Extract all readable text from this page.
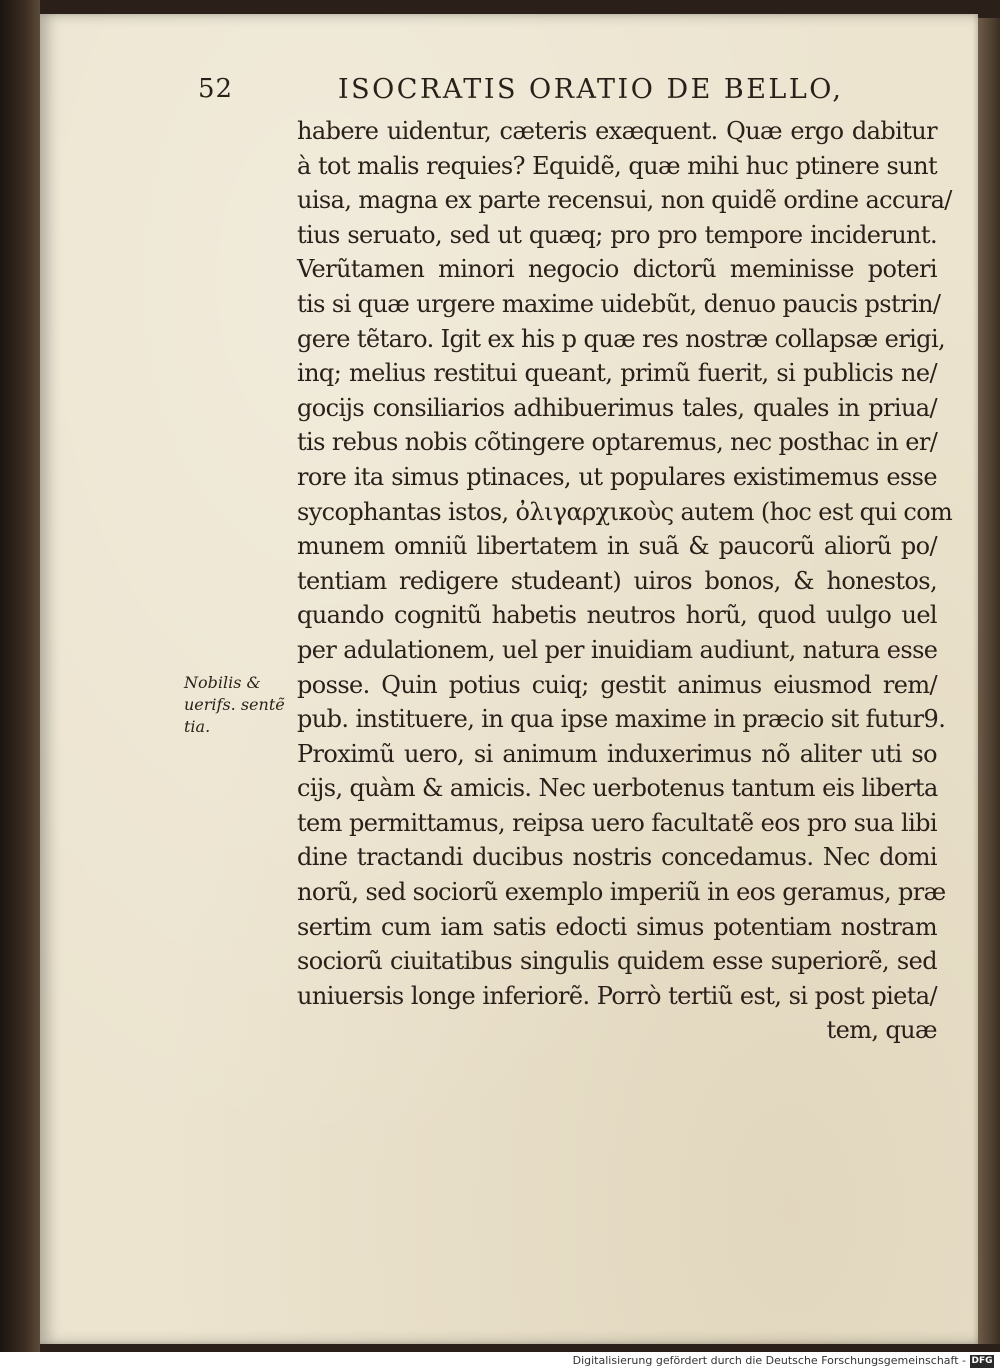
52	ISOCRATIS ORATIO DE BELLO,
habere uidentur, cæteris exæquent. Quæ ergo dabitur
à tot malis requies? Equidẽ, quæ mihi huc ptinere sunt
uisa, magna ex parte recensui, non quidẽ ordine accura/
tius seruato, sed ut quæq; pro pro tempore inciderunt.
Verũtamen minori negocio dictorũ meminisse poteri
tis si quæ urgere maxime uidebũt, denuo paucis pstrin/
gere tẽtaro. Igit ex his p quæ res nostræ collapsæ erigi,
inq; melius restitui queant, primũ fuerit, si publicis ne/
gocijs consiliarios adhibuerimus tales, quales in priua/
tis rebus nobis cõtingere optaremus, nec posthac in er/
rore ita simus ptinaces, ut populares existimemus esse
sycophantas istos, ὀλιγαρχικοὺς autem (hoc est qui com
munem omniũ libertatem in suã & paucorũ aliorũ po/
tentiam redigere studeant) uiros bonos, & honestos,
quando cognitũ habetis neutros horũ, quod uulgo uel
per adulationem, uel per inuidiam audiunt, natura esse
posse. Quin potius cuiq; gestit animus eiusmod rem/
pub. instituere, in qua ipse maxime in præcio sit futur9.
Proximũ uero, si animum induxerimus nõ aliter uti so
cijs, quàm & amicis. Nec uerbotenus tantum eis liberta
tem permittamus, reipsa uero facultatẽ eos pro sua libi
dine tractandi ducibus nostris concedamus. Nec domi
norũ, sed sociorũ exemplo imperiũ in eos geramus, præ
sertim cum iam satis edocti simus potentiam nostram
sociorũ ciuitatibus singulis quidem esse superiorẽ, sed
uniuersis longe inferiorẽ. Porrò tertiũ est, si post pieta/
tem, quæ
Nobilis &
uerifs. sentẽ
tia.
Digitalisierung gefördert durch die Deutsche Forschungsgemeinschaft - DFG
